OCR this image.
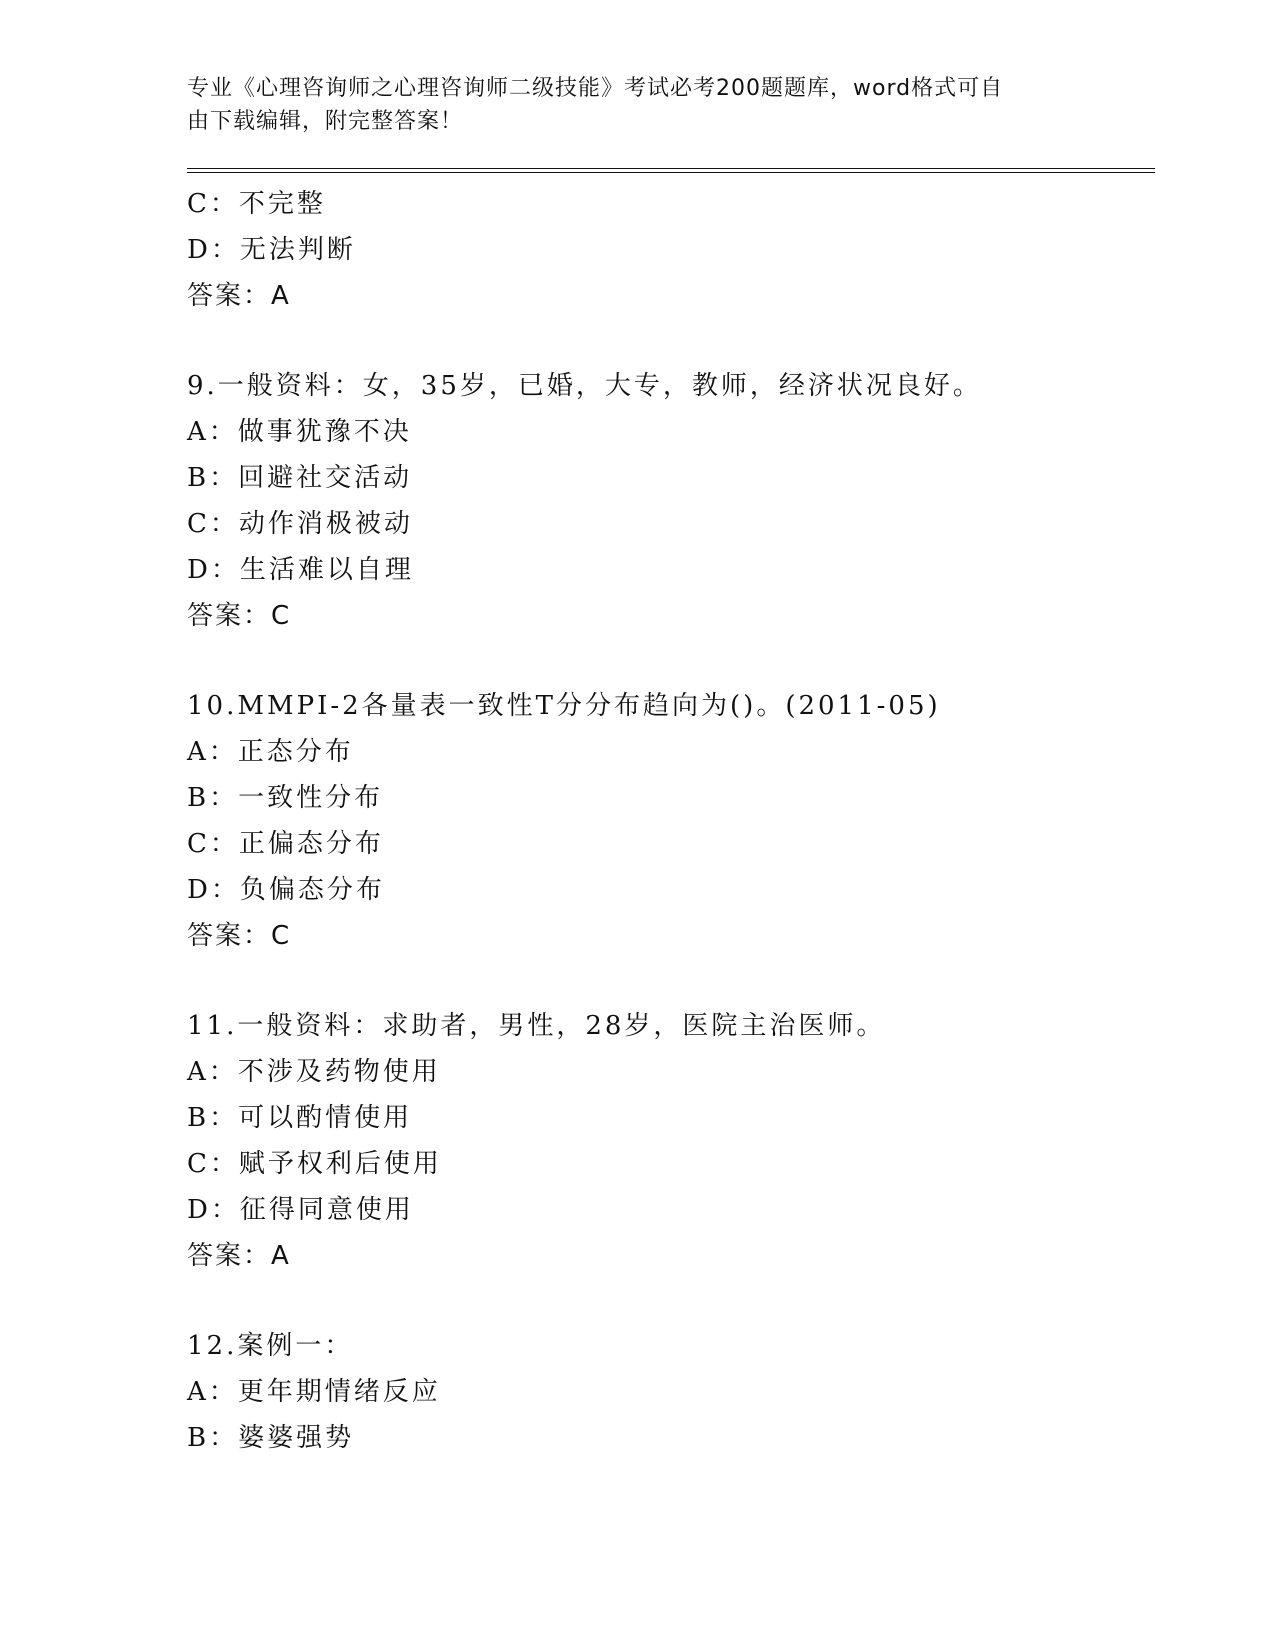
专业《心理咨询师之心理咨询师二级技能》考试必考200题题库，word格式可自
由下载编辑，附完整答案！
C：不完整
D：无法判断
答案：A
9.一般资料：女，35岁，已婚，大专，教师，经济状况良好。
A：做事犹豫不决
B：回避社交活动
C：动作消极被动
D：生活难以自理
答案：C
10.MMPI-2各量表一致性T分分布趋向为()。(2011-05)
A：正态分布
B：一致性分布
C：正偏态分布
D：负偏态分布
答案：C
11.一般资料：求助者，男性，28岁，医院主治医师。
A：不涉及药物使用
B：可以酌情使用
C：赋予权利后使用
D：征得同意使用
答案：A
12.案例一：
A：更年期情绪反应
B：婆婆强势
